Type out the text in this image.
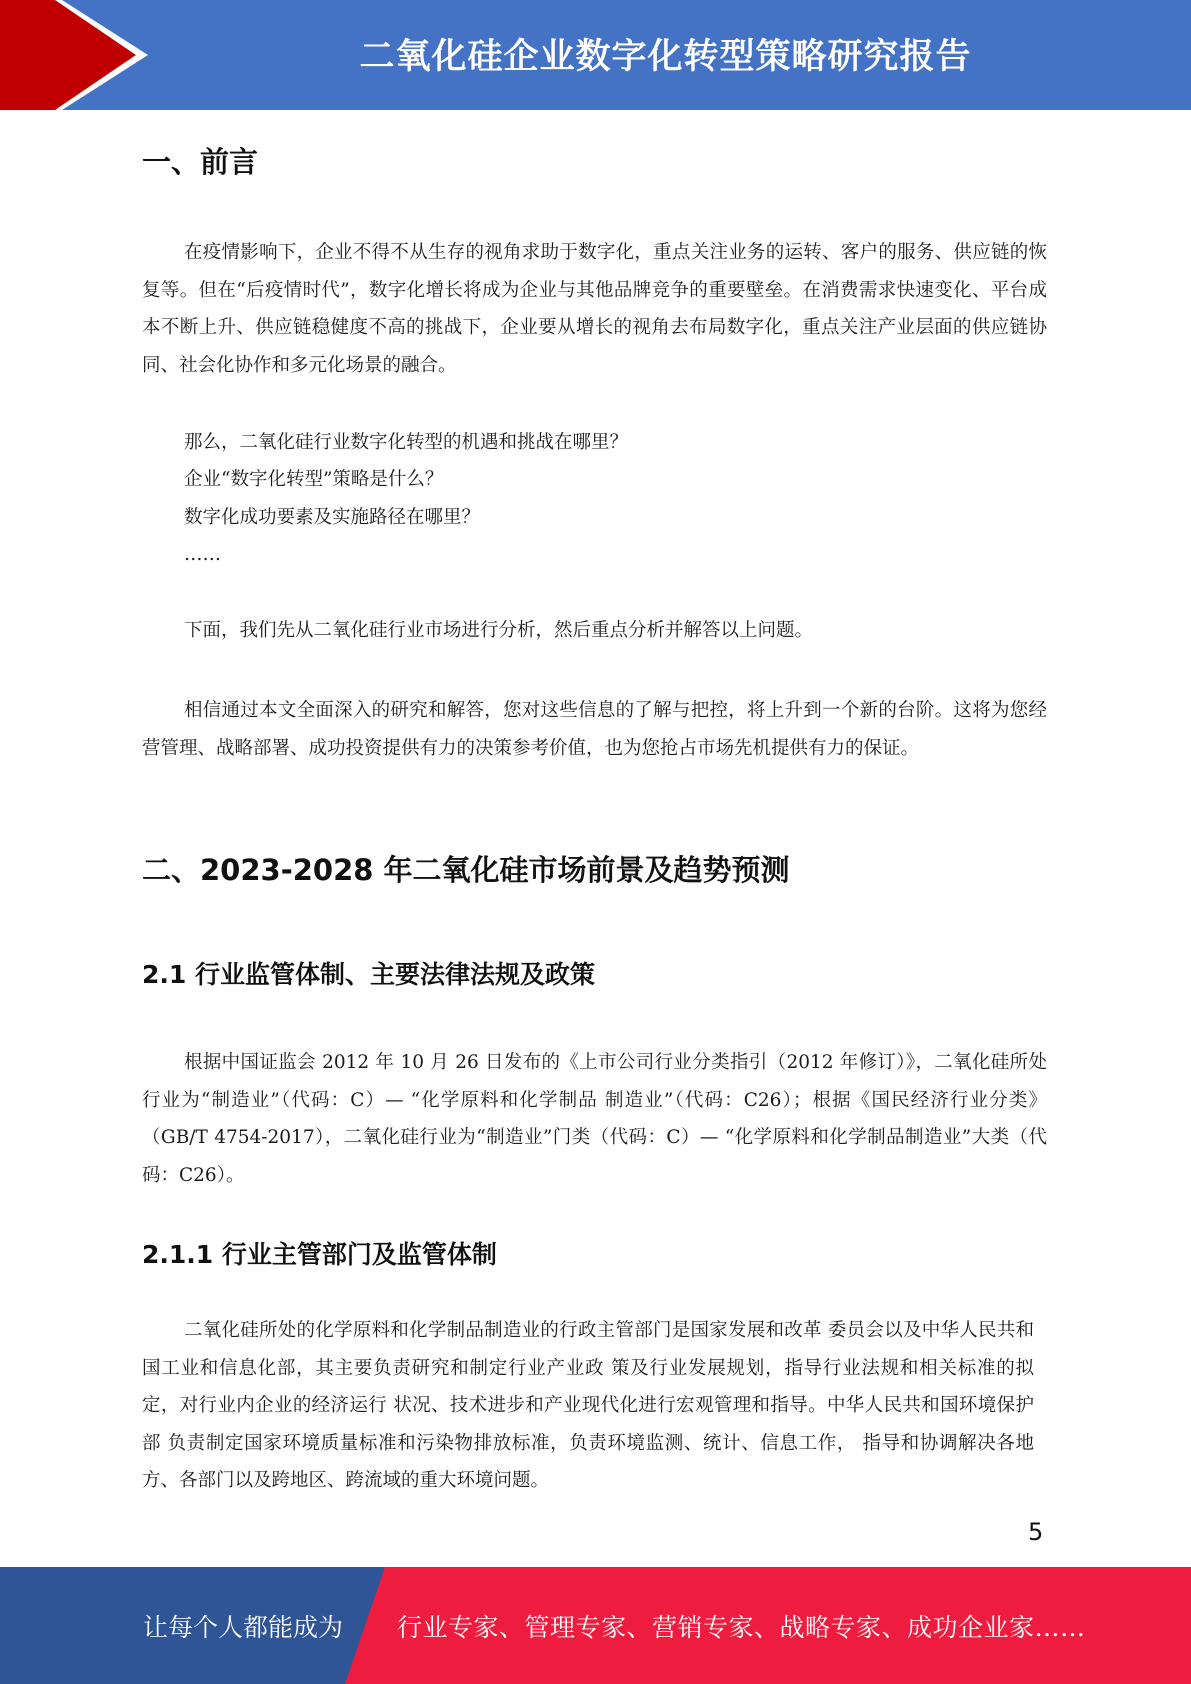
二氧化硅企业数字化转型策略研究报告
一、前言

在疫情影响下，企业不得不从生存的视角求助于数字化，重点关注业务的运转、客户的服务、供应链的恢复等。但在“后疫情时代”，数字化增长将成为企业与其他品牌竞争的重要壁垒。在消费需求快速变化、平台成本不断上升、供应链稳健度不高的挑战下，企业要从增长的视角去布局数字化，重点关注产业层面的供应链协同、社会化协作和多元化场景的融合。

那么，二氧化硅行业数字化转型的机遇和挑战在哪里？
企业“数字化转型”策略是什么？
数字化成功要素及实施路径在哪里？
……

下面，我们先从二氧化硅行业市场进行分析，然后重点分析并解答以上问题。

相信通过本文全面深入的研究和解答，您对这些信息的了解与把控，将上升到一个新的台阶。这将为您经营管理、战略部署、成功投资提供有力的决策参考价值，也为您抢占市场先机提供有力的保证。

二、2023-2028 年二氧化硅市场前景及趋势预测
2.1 行业监管体制、主要法律法规及政策

根据中国证监会 2012 年 10 月 26 日发布的《上市公司行业分类指引（2012 年修订）》，二氧化硅所处行业为“制造业”（代码：C）— “化学原料和化学制品 制造业”（代码：C26）；根据《国民经济行业分类》（GB/T 4754-2017），二氧化硅行业为“制造业”门类（代码：C）— “化学原料和化学制品制造业”大类（代码：C26）。

2.1.1 行业主管部门及监管体制

二氧化硅所处的化学原料和化学制品制造业的行政主管部门是国家发展和改革 委员会以及中华人民共和国工业和信息化部，其主要负责研究和制定行业产业政 策及行业发展规划，指导行业法规和相关标准的拟定，对行业内企业的经济运行 状况、技术进步和产业现代化进行宏观管理和指导。中华人民共和国环境保护部 负责制定国家环境质量标准和污染物排放标准，负责环境监测、统计、信息工作， 指导和协调解决各地方、各部门以及跨地区、跨流域的重大环境问题。

5
让每个人都能成为 行业专家、管理专家、营销专家、战略专家、成功企业家……
